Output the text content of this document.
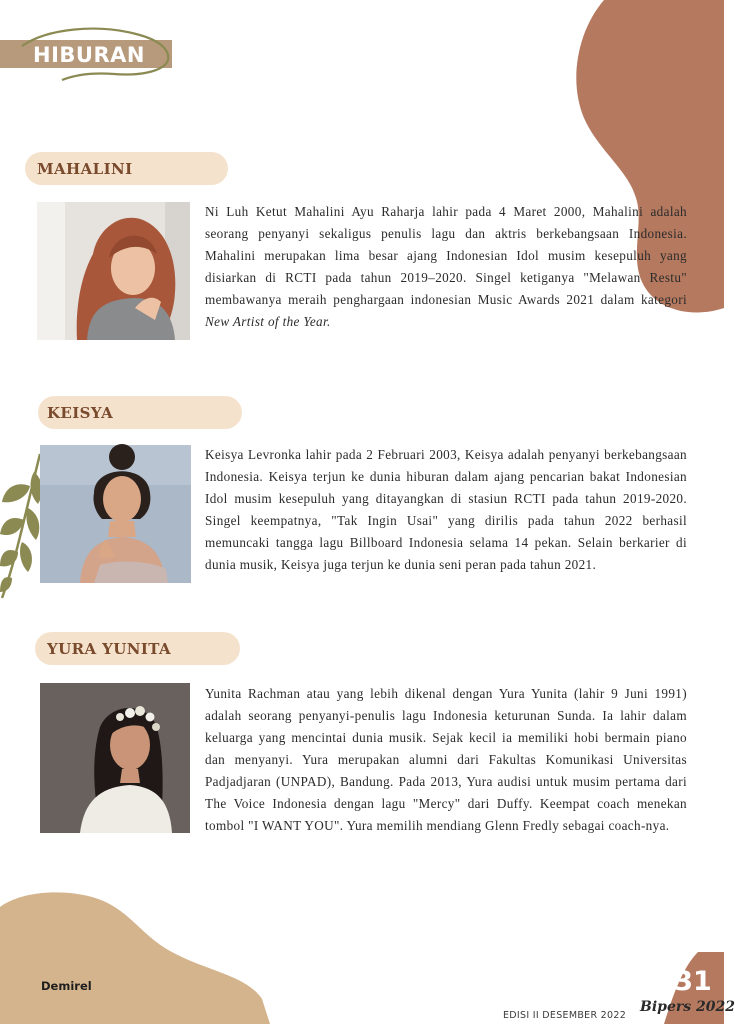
HIBURAN
MAHALINI

Ni Luh Ketut Mahalini Ayu Raharja lahir pada 4 Maret 2000, Mahalini adalah seorang penyanyi sekaligus penulis lagu dan aktris berkebangsaan Indonesia. Mahalini merupakan lima besar ajang Indonesian Idol musim kesepuluh yang disiarkan di RCTI pada tahun 2019–2020. Singel ketiganya "Melawan Restu" membawanya meraih penghargaan indonesian Music Awards 2021 dalam kategori New Artist of the Year.

KEISYA

Keisya Levronka lahir pada 2 Februari 2003, Keisya adalah penyanyi berkebangsaan Indonesia. Keisya terjun ke dunia hiburan dalam ajang pencarian bakat Indonesian Idol musim kesepuluh yang ditayangkan di stasiun RCTI pada tahun 2019-2020. Singel keempatnya, "Tak Ingin Usai" yang dirilis pada tahun 2022 berhasil memuncaki tangga lagu Billboard Indonesia selama 14 pekan. Selain berkarier di dunia musik, Keisya juga terjun ke dunia seni peran pada tahun 2021.

YURA YUNITA

Yunita Rachman atau yang lebih dikenal dengan Yura Yunita (lahir 9 Juni 1991) adalah seorang penyanyi-penulis lagu Indonesia keturunan Sunda. Ia lahir dalam keluarga yang mencintai dunia musik. Sejak kecil ia memiliki hobi bermain piano dan menyanyi. Yura merupakan alumni dari Fakultas Komunikasi Universitas Padjadjaran (UNPAD), Bandung. Pada 2013, Yura audisi untuk musim pertama dari The Voice Indonesia dengan lagu "Mercy" dari Duffy. Keempat coach menekan tombol "I WANT YOU". Yura memilih mendiang Glenn Fredly sebagai coach-nya.

Demirel
EDISI II DESEMBER 2022
31
Bipers 2022
